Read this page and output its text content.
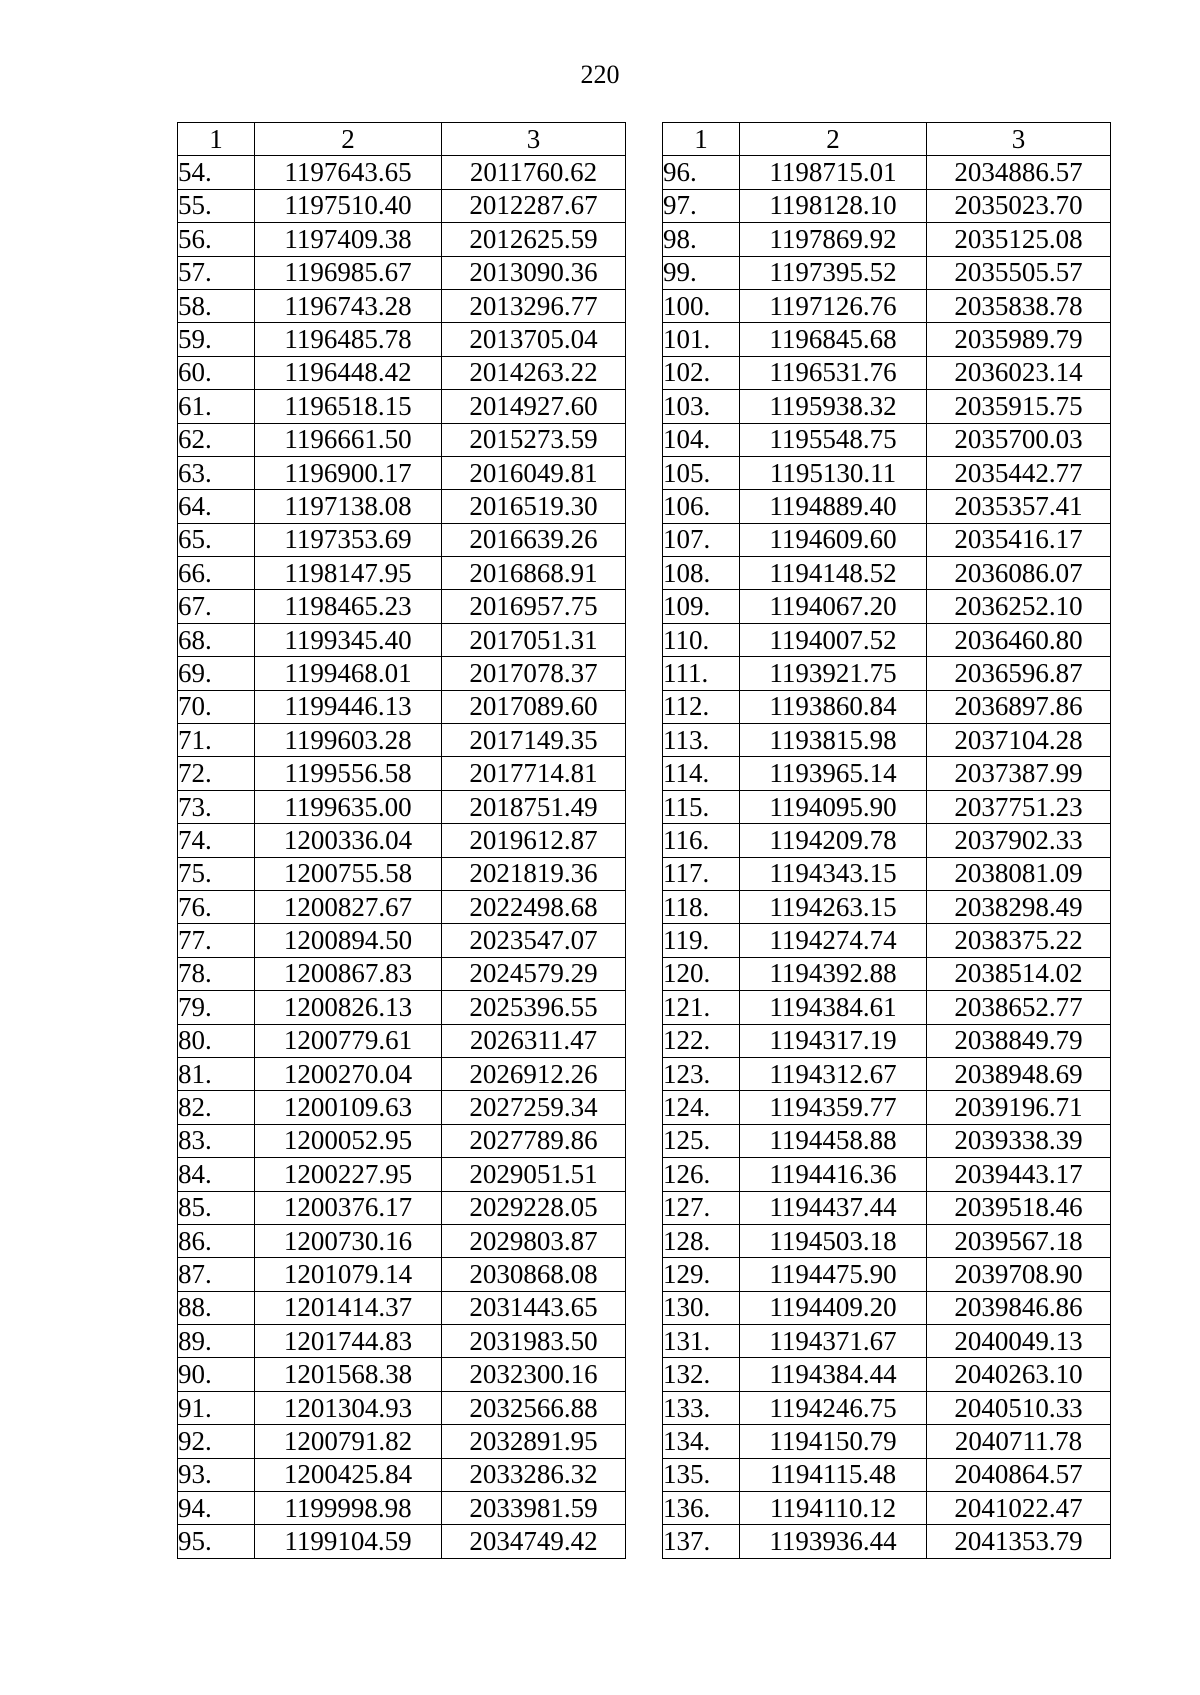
220
1	2	3
54.	1197643.65	2011760.62
55.	1197510.40	2012287.67
56.	1197409.38	2012625.59
57.	1196985.67	2013090.36
58.	1196743.28	2013296.77
59.	1196485.78	2013705.04
60.	1196448.42	2014263.22
61.	1196518.15	2014927.60
62.	1196661.50	2015273.59
63.	1196900.17	2016049.81
64.	1197138.08	2016519.30
65.	1197353.69	2016639.26
66.	1198147.95	2016868.91
67.	1198465.23	2016957.75
68.	1199345.40	2017051.31
69.	1199468.01	2017078.37
70.	1199446.13	2017089.60
71.	1199603.28	2017149.35
72.	1199556.58	2017714.81
73.	1199635.00	2018751.49
74.	1200336.04	2019612.87
75.	1200755.58	2021819.36
76.	1200827.67	2022498.68
77.	1200894.50	2023547.07
78.	1200867.83	2024579.29
79.	1200826.13	2025396.55
80.	1200779.61	2026311.47
81.	1200270.04	2026912.26
82.	1200109.63	2027259.34
83.	1200052.95	2027789.86
84.	1200227.95	2029051.51
85.	1200376.17	2029228.05
86.	1200730.16	2029803.87
87.	1201079.14	2030868.08
88.	1201414.37	2031443.65
89.	1201744.83	2031983.50
90.	1201568.38	2032300.16
91.	1201304.93	2032566.88
92.	1200791.82	2032891.95
93.	1200425.84	2033286.32
94.	1199998.98	2033981.59
95.	1199104.59	2034749.42
1	2	3
96.	1198715.01	2034886.57
97.	1198128.10	2035023.70
98.	1197869.92	2035125.08
99.	1197395.52	2035505.57
100.	1197126.76	2035838.78
101.	1196845.68	2035989.79
102.	1196531.76	2036023.14
103.	1195938.32	2035915.75
104.	1195548.75	2035700.03
105.	1195130.11	2035442.77
106.	1194889.40	2035357.41
107.	1194609.60	2035416.17
108.	1194148.52	2036086.07
109.	1194067.20	2036252.10
110.	1194007.52	2036460.80
111.	1193921.75	2036596.87
112.	1193860.84	2036897.86
113.	1193815.98	2037104.28
114.	1193965.14	2037387.99
115.	1194095.90	2037751.23
116.	1194209.78	2037902.33
117.	1194343.15	2038081.09
118.	1194263.15	2038298.49
119.	1194274.74	2038375.22
120.	1194392.88	2038514.02
121.	1194384.61	2038652.77
122.	1194317.19	2038849.79
123.	1194312.67	2038948.69
124.	1194359.77	2039196.71
125.	1194458.88	2039338.39
126.	1194416.36	2039443.17
127.	1194437.44	2039518.46
128.	1194503.18	2039567.18
129.	1194475.90	2039708.90
130.	1194409.20	2039846.86
131.	1194371.67	2040049.13
132.	1194384.44	2040263.10
133.	1194246.75	2040510.33
134.	1194150.79	2040711.78
135.	1194115.48	2040864.57
136.	1194110.12	2041022.47
137.	1193936.44	2041353.79
